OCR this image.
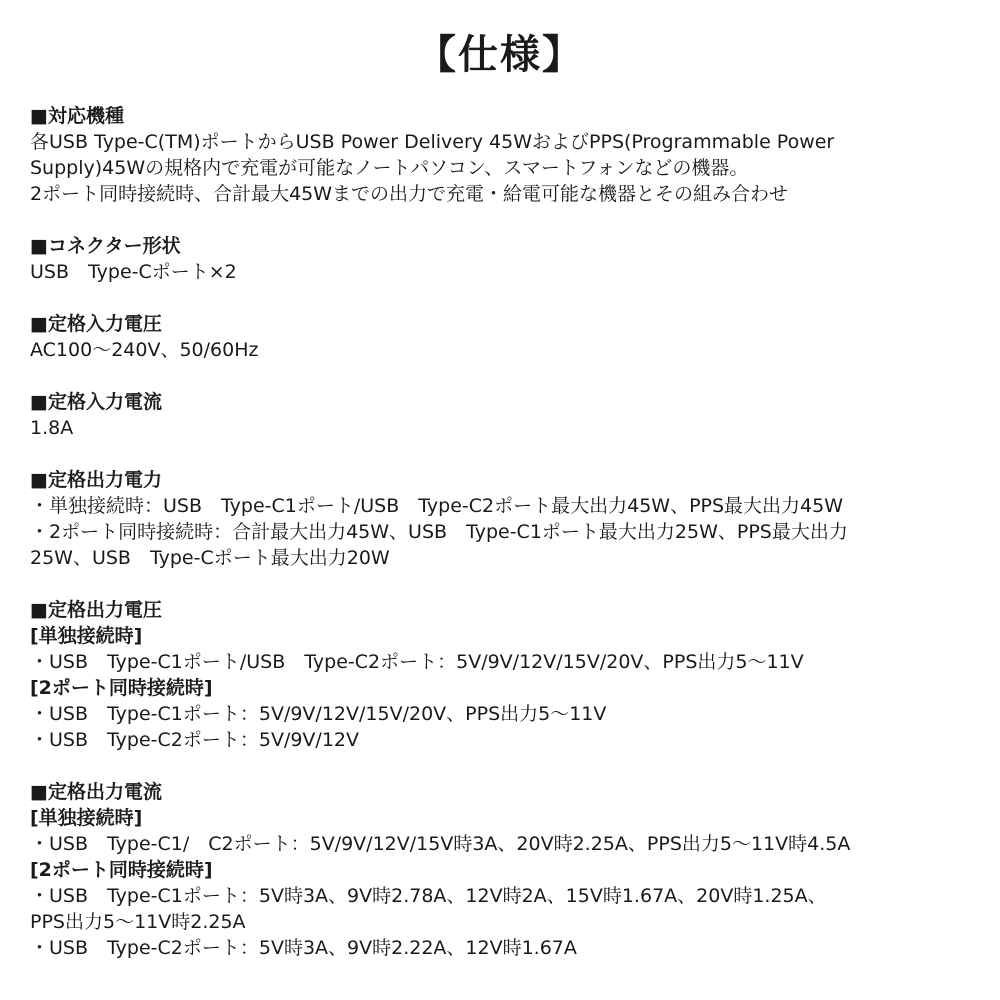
【仕様】
■対応機種
各USB Type-C(TM)ポートからUSB Power Delivery 45WおよびPPS(Programmable Power
Supply)45Wの規格内で充電が可能なノートパソコン、スマートフォンなどの機器。
2ポート同時接続時、合計最大45Wまでの出力で充電・給電可能な機器とその組み合わせ
■コネクター形状
USB　Type-Cポート×2
■定格入力電圧
AC100～240V、50/60Hz
■定格入力電流
1.8A
■定格出力電力
・単独接続時：USB　Type-C1ポート/USB　Type-C2ポート最大出力45W、PPS最大出力45W
・2ポート同時接続時：合計最大出力45W、USB　Type-C1ポート最大出力25W、PPS最大出力
25W、USB　Type-Cポート最大出力20W
■定格出力電圧
[単独接続時]
・USB　Type-C1ポート/USB　Type-C2ポート：5V/9V/12V/15V/20V、PPS出力5～11V
[2ポート同時接続時]
・USB　Type-C1ポート：5V/9V/12V/15V/20V、PPS出力5～11V
・USB　Type-C2ポート：5V/9V/12V
■定格出力電流
[単独接続時]
・USB　Type-C1/　C2ポート：5V/9V/12V/15V時3A、20V時2.25A、PPS出力5～11V時4.5A
[2ポート同時接続時]
・USB　Type-C1ポート：5V時3A、9V時2.78A、12V時2A、15V時1.67A、20V時1.25A、
PPS出力5～11V時2.25A
・USB　Type-C2ポート：5V時3A、9V時2.22A、12V時1.67A
